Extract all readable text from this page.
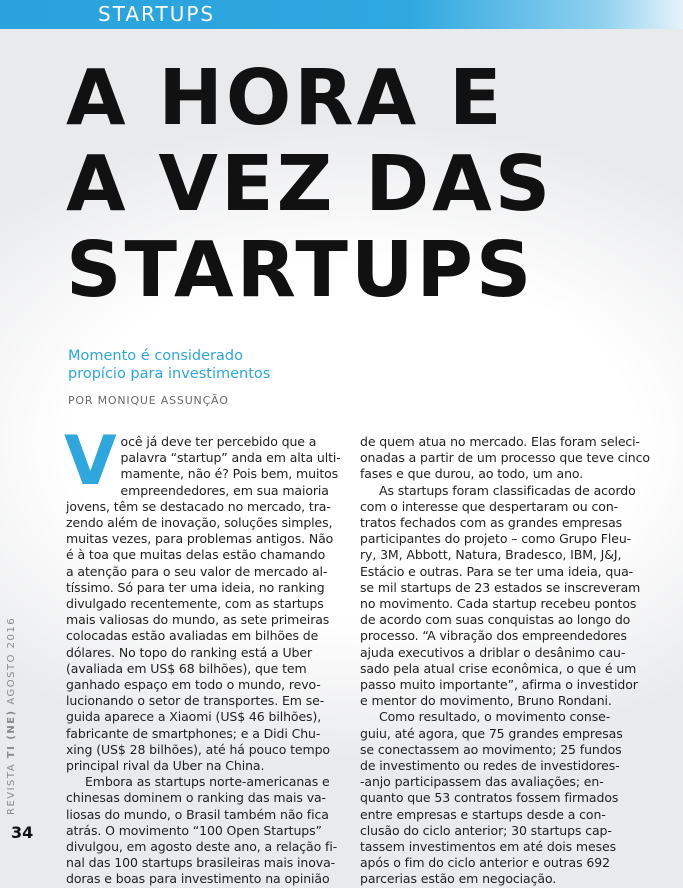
STARTUPS
A HORA E
A VEZ DAS
STARTUPS

Momento é considerado
propício para investimentos

POR MONIQUE ASSUNÇÃO

V ocê já deve ter percebido que a
palavra “startup” anda em alta ulti-
mamente, não é? Pois bem, muitos
empreendedores, em sua maioria
jovens, têm se destacado no mercado, tra-
zendo além de inovação, soluções simples,
muitas vezes, para problemas antigos. Não
é à toa que muitas delas estão chamando
a atenção para o seu valor de mercado al-
tíssimo. Só para ter uma ideia, no ranking
divulgado recentemente, com as startups
mais valiosas do mundo, as sete primeiras
colocadas estão avaliadas em bilhões de
dólares. No topo do ranking está a Uber
(avaliada em US$ 68 bilhões), que tem
ganhado espaço em todo o mundo, revo-
lucionando o setor de transportes. Em se-
guida aparece a Xiaomi (US$ 46 bilhões),
fabricante de smartphones; e a Didi Chu-
xing (US$ 28 bilhões), até há pouco tempo
principal rival da Uber na China.

Embora as startups norte-americanas e
chinesas dominem o ranking das mais va-
liosas do mundo, o Brasil também não fica
atrás. O movimento “100 Open Startups”
divulgou, em agosto deste ano, a relação fi-
nal das 100 startups brasileiras mais inova-
doras e boas para investimento na opinião

de quem atua no mercado. Elas foram seleci-
onadas a partir de um processo que teve cinco
fases e que durou, ao todo, um ano.

As startups foram classificadas de acordo
com o interesse que despertaram ou con-
tratos fechados com as grandes empresas
participantes do projeto – como Grupo Fleu-
ry, 3M, Abbott, Natura, Bradesco, IBM, J&J,
Estácio e outras. Para se ter uma ideia, qua-
se mil startups de 23 estados se inscreveram
no movimento. Cada startup recebeu pontos
de acordo com suas conquistas ao longo do
processo. “A vibração dos empreendedores
ajuda executivos a driblar o desânimo cau-
sado pela atual crise econômica, o que é um
passo muito importante”, afirma o investidor
e mentor do movimento, Bruno Rondani.

Como resultado, o movimento conse-
guiu, até agora, que 75 grandes empresas
se conectassem ao movimento; 25 fundos
de investimento ou redes de investidores-
-anjo participassem das avaliações; en-
quanto que 53 contratos fossem firmados
entre empresas e startups desde a con-
clusão do ciclo anterior; 30 startups cap-
tassem investimentos em até dois meses
após o fim do ciclo anterior e outras 692
parcerias estão em negociação.

REVISTA TI (NE) AGOSTO 2016
34
